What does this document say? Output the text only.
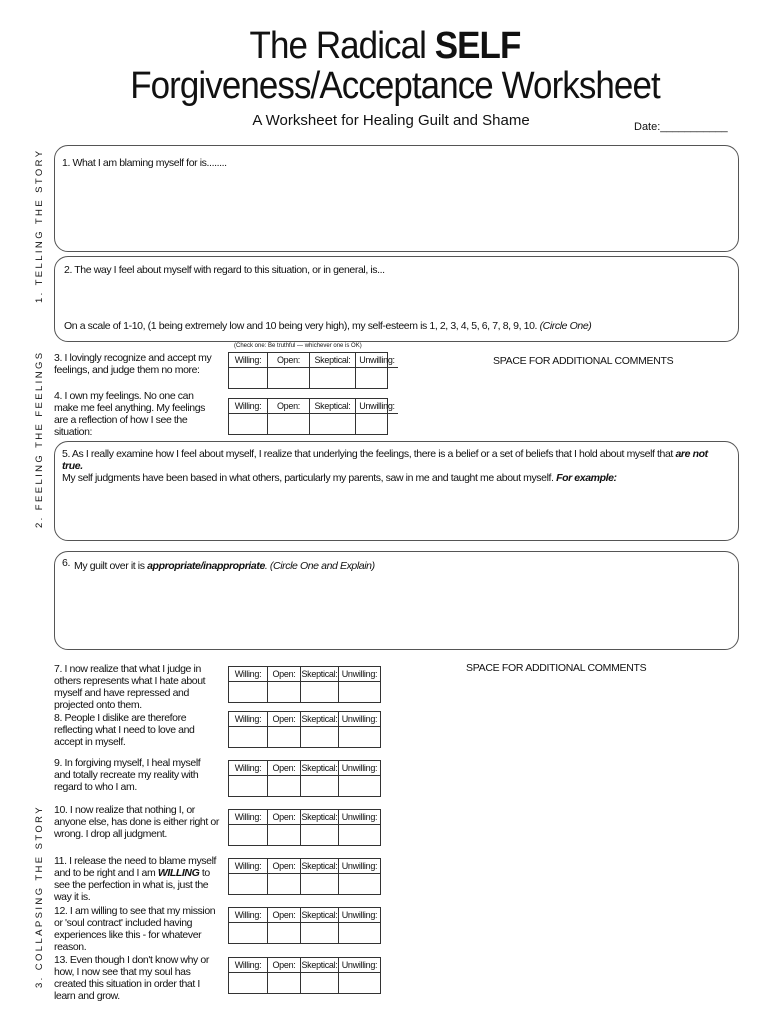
The Radical SELF
Forgiveness/Acceptance Worksheet
A Worksheet for Healing Guilt and Shame	Date:___________
1. TELLING THE STORY
2. FEELING THE FEELINGS
3. COLLAPSING THE STORY
1. What I am blaming myself for is........
2. The way I feel about myself with regard to this situation, or in general, is...
On a scale of 1-10, (1 being extremely low and 10 being very high), my self-esteem is 1, 2, 3, 4, 5, 6, 7, 8, 9, 10. (Circle One)
(Check one: Be truthful — whichever one is OK)
3. I lovingly recognize and accept my feelings, and judge them no more:
Willing:	Open:	Skeptical: Unwilling:	SPACE FOR ADDITIONAL COMMENTS
4. I own my feelings. No one can make me feel anything. My feelings are a reflection of how I see the situation:
Willing:	Open:	Skeptical: Unwilling:
5. As I really examine how I feel about myself, I realize that underlying the feelings, there is a belief or a set of beliefs that I hold about myself that are not true.
My self judgments have been based in what others, particularly my parents, saw in me and taught me about myself. For example:
6. My guilt over it is appropriate/inappropriate. (Circle One and Explain)
SPACE FOR ADDITIONAL COMMENTS
7. I now realize that what I judge in others represents what I hate about myself and have repressed and projected onto them.
Willing:	Open: Skeptical: Unwilling:
8. People I dislike are therefore reflecting what I need to love and accept in myself.
Willing:	Open: Skeptical: Unwilling:
9. In forgiving myself, I heal myself and totally recreate my reality with regard to who I am.
Willing:	Open: Skeptical: Unwilling:
10. I now realize that nothing I, or anyone else, has done is either right or wrong. I drop all judgment.
Willing:	Open: Skeptical: Unwilling:
11. I release the need to blame myself and to be right and I am WILLING to see the perfection in what is, just the way it is.
Willing:	Open: Skeptical: Unwilling:
12. I am willing to see that my mission or 'soul contract' included having experiences like this - for whatever reason.
Willing:	Open: Skeptical: Unwilling:
13. Even though I don't know why or how, I now see that my soul has created this situation in order that I learn and grow.
Willing:	Open: Skeptical: Unwilling:
